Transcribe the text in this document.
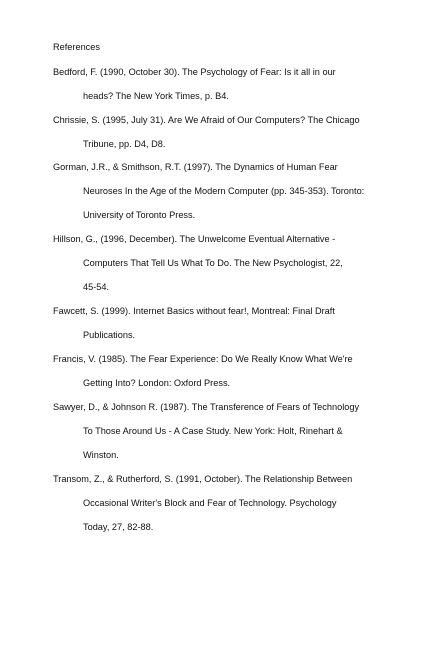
References
Bedford, F. (1990, October 30). The Psychology of Fear: Is it all in our
heads? The New York Times, p. B4.
Chrissie, S. (1995, July 31). Are We Afraid of Our Computers? The Chicago
Tribune, pp. D4, D8.
Gorman, J.R., & Smithson, R.T. (1997). The Dynamics of Human Fear
Neuroses In the Age of the Modern Computer (pp. 345-353). Toronto:
University of Toronto Press.
Hillson, G., (1996, December). The Unwelcome Eventual Alternative -
Computers That Tell Us What To Do. The New Psychologist, 22,
45-54.
Fawcett, S. (1999). Internet Basics without fear!, Montreal: Final Draft
Publications.
Francis, V. (1985). The Fear Experience: Do We Really Know What We're
Getting Into? London: Oxford Press.
Sawyer, D., & Johnson R. (1987). The Transference of Fears of Technology
To Those Around Us - A Case Study. New York: Holt, Rinehart &
Winston.
Transom, Z., & Rutherford, S. (1991, October). The Relationship Between
Occasional Writer's Block and Fear of Technology. Psychology
Today, 27, 82-88.
